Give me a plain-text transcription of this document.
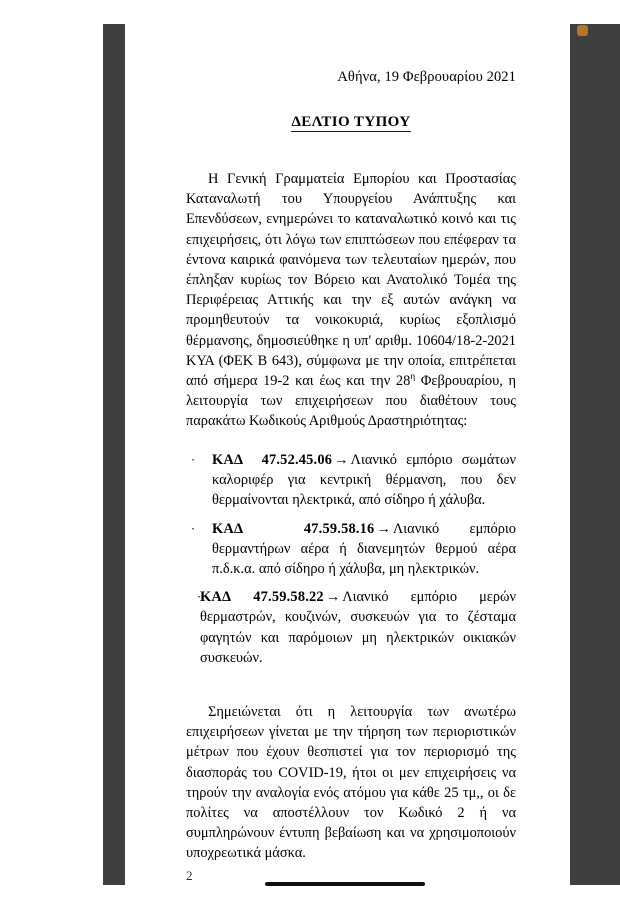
Αθήνα, 19 Φεβρουαρίου 2021
ΔΕΛΤΙΟ ΤΥΠΟΥ
Η Γενική Γραμματεία Εμπορίου και Προστασίας Καταναλωτή του Υπουργείου Ανάπτυξης και Επενδύσεων, ενημερώνει το καταναλωτικό κοινό και τις επιχειρήσεις, ότι λόγω των επιπτώσεων που επέφεραν τα έντονα καιρικά φαινόμενα των τελευταίων ημερών, που έπληξαν κυρίως τον Βόρειο και Ανατολικό Τομέα της Περιφέρειας Αττικής και την εξ αυτών ανάγκη να προμηθευτούν τα νοικοκυριά, κυρίως εξοπλισμό θέρμανσης, δημοσιεύθηκε η υπ' αριθμ. 10604/18-2-2021 ΚΥΑ (ΦΕΚ Β 643), σύμφωνα με την οποία, επιτρέπεται από σήμερα 19-2 και έως και την $28^\eta$ Φεβρουαρίου, η λειτουργία των επιχειρήσεων που διαθέτουν τους παρακάτω Κωδικούς Αριθμούς Δραστηριότητας:
·	ΚΑΔ 47.52.45.06 → Λιανικό εμπόριο σωμάτων καλοριφέρ για κεντρική θέρμανση, που δεν θερμαίνονται ηλεκτρικά, από σίδηρο ή χάλυβα.
·	ΚΑΔ	47.59.58.16 → Λιανικό εμπόριο θερμαντήρων αέρα ή διανεμητών θερμού αέρα π.δ.κ.α. από σίδηρο ή χάλυβα, μη ηλεκτρικών.
·
ΚΑΔ 47.59.58.22 → Λιανικό εμπόριο μερών θερμαστρών, κουζινών, συσκευών για το ζέσταμα φαγητών και παρόμοιων μη ηλεκτρικών οικιακών συσκευών.
Σημειώνεται ότι η λειτουργία των ανωτέρω επιχειρήσεων γίνεται με την τήρηση των περιοριστικών μέτρων που έχουν θεσπιστεί για τον περιορισμό της διασποράς του COVID-19, ήτοι οι μεν επιχειρήσεις να τηρούν την αναλογία ενός ατόμου για κάθε 25 τμ,, οι δε πολίτες να αποστέλλουν τον Κωδικό 2 ή να συμπληρώνουν έντυπη βεβαίωση και να χρησιμοποιούν υποχρεωτικά μάσκα.
2
